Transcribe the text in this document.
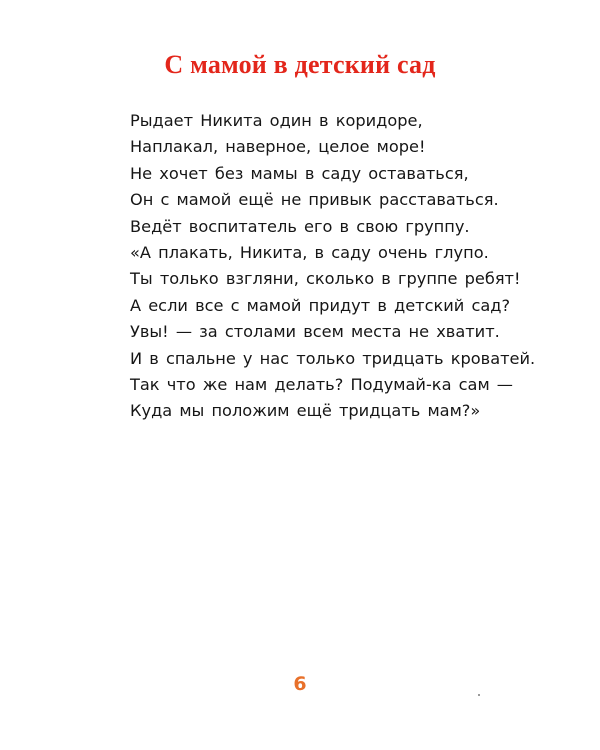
С мамой в детский сад
Рыдает Никита один в коридоре,
Наплакал, наверное, целое море!
Не хочет без мамы в саду оставаться,
Он с мамой ещё не привык расставаться.
Ведёт воспитатель его в свою группу.
«А плакать, Никита, в саду очень глупо.
Ты только взгляни, сколько в группе ребят!
А если все с мамой придут в детский сад?
Увы! — за столами всем места не хватит.
И в спальне у нас только тридцать кроватей.
Так что же нам делать? Подумай-ка сам —
Куда мы положим ещё тридцать мам?»
6
